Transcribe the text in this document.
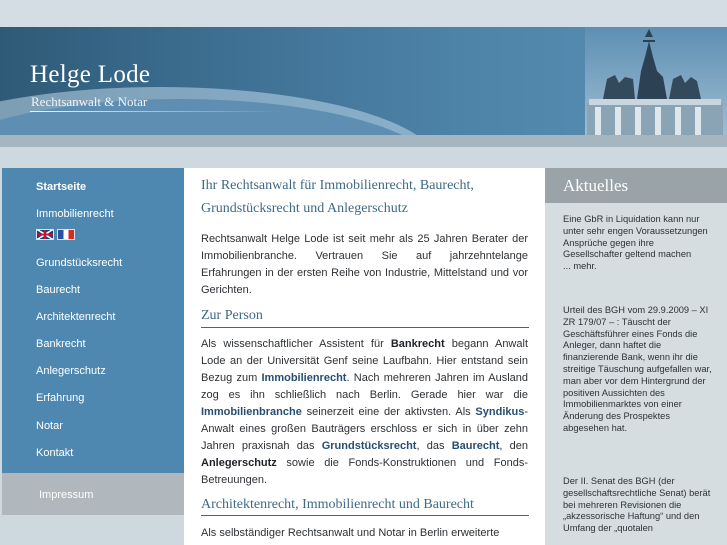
Helge Lode
Rechtsanwalt & Notar
Startseite
Immobilienrecht
Grundstücksrecht
Baurecht
Architektenrecht
Bankrecht
Anlegerschutz
Erfahrung
Notar
Kontakt
Impressum
Ihr Rechtsanwalt für Immobilienrecht, Baurecht,
Grundstücksrecht und Anlegerschutz

Rechtsanwalt Helge Lode ist seit mehr als 25 Jahren Berater der Immobilienbranche. Vertrauen Sie auf jahrzehntelange Erfahrungen in der ersten Reihe von Industrie, Mittelstand und vor Gerichten.

Zur Person

Als wissenschaftlicher Assistent für Bankrecht begann Anwalt Lode an der Universität Genf seine Laufbahn. Hier entstand sein Bezug zum Immobilienrecht. Nach mehreren Jahren im Ausland zog es ihn schließlich nach Berlin. Gerade hier war die Immobilienbranche seinerzeit eine der aktivsten. Als Syndikus-Anwalt eines großen Bauträgers erschloss er sich in über zehn Jahren praxisnah das Grundstücksrecht, das Baurecht, den Anlegerschutz sowie die Fonds-Konstruktionen und Fonds-Betreuungen.

Architektenrecht, Immobilienrecht und Baurecht

Als selbständiger Rechtsanwalt und Notar in Berlin erweiterte

Aktuelles

Eine GbR in Liquidation kann nur unter sehr engen Voraussetzungen Ansprüche gegen ihre Gesellschafter geltend machen
... mehr.

Urteil des BGH vom 29.9.2009 – XI ZR 179/07 – : Täuscht der Geschäftsführer eines Fonds die Anleger, dann haftet die finanzierende Bank, wenn ihr die streitige Täuschung aufgefallen war, man aber vor dem Hintergrund der positiven Aussichten des Immobilienmarktes von einer Änderung des Prospektes abgesehen hat.

Der II. Senat des BGH (der gesellschaftsrechtliche Senat) berät bei mehreren Revisionen die „akzessorische Haftung“ und den Umfang der „quotalen
